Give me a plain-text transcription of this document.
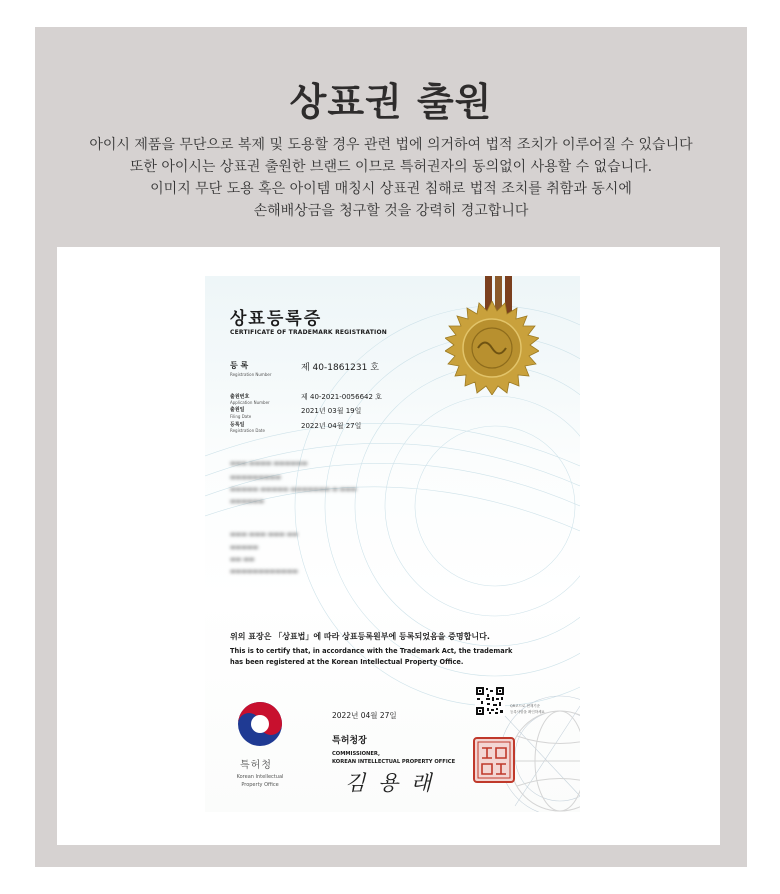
상표권 출원
아이시 제품을 무단으로 복제 및 도용할 경우 관련 법에 의거하여 법적 조치가 이루어질 수 있습니다
또한 아이시는 상표권 출원한 브랜드 이므로 특허권자의 동의없이 사용할 수 없습니다.
이미지 무단 도용 혹은 아이템 매칭시 상표권 침해로 법적 조치를 취함과 동시에
손해배상금을 청구할 것을 강력히 경고합니다
상표등록증
CERTIFICATE OF TRADEMARK REGISTRATION
등 록
Registration Number
제 40-1861231 호
출원번호
Application Number
제 40-2021-0056642 호
출원일
Filing Date
2021년 03월 19일
등록일
Registration Date
2022년 04월 27일
▬▬▬ ▬▬▬▬ ▬▬▬▬▬▬
▬▬▬▬▬▬▬▬▬
▬▬▬▬▬ ▬▬▬▬▬ ▬▬▬▬▬▬▬ ▬ ▬▬▬
▬▬▬▬▬▬
▬▬▬ ▬▬▬ ▬▬▬ ▬▬
▬▬▬▬▬
▬▬ ▬▬
▬▬▬▬▬▬▬▬▬▬▬▬
위의 표장은 「상표법」에 따라 상표등록원부에 등록되었음을 증명합니다.
This is to certify that, in accordance with the Trademark Act, the trademark
has been registered at the Korean Intellectual Property Office.
특허청
Korean Intellectual
Property Office
2022년 04월 27일
QR코드로 현재기준
등록사항을 확인하세요
특허청장
COMMISSIONER,
KOREAN INTELLECTUAL PROPERTY OFFICE
김 용 래
